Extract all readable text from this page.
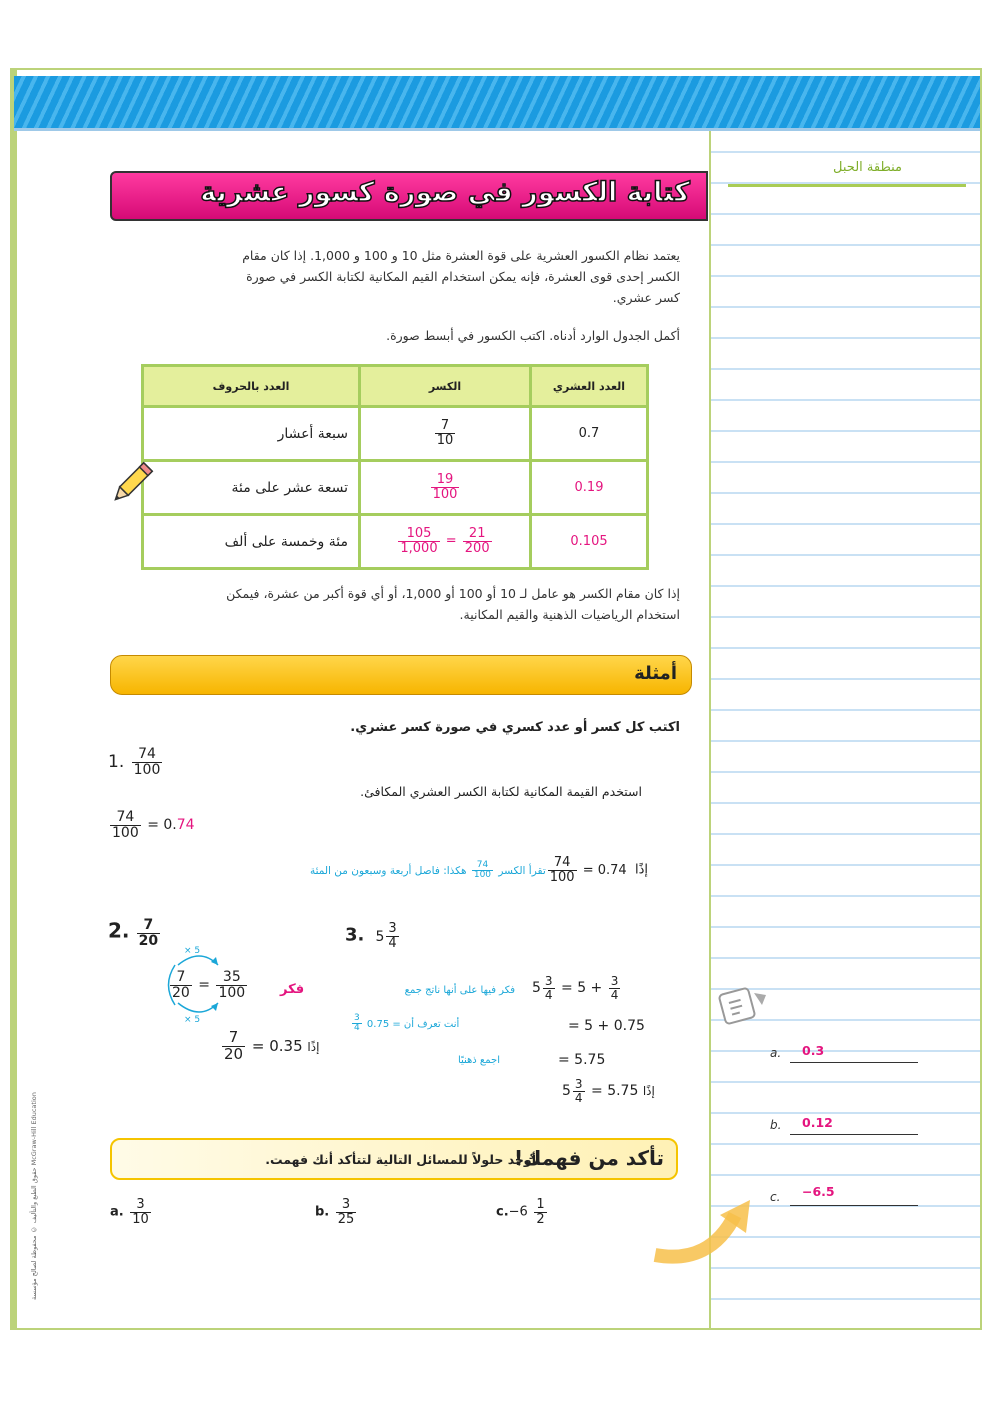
منطقة الحبل
كتابة الكسور في صورة كسور عشرية
يعتمد نظام الكسور العشرية على قوة العشرة مثل 10 و 100 و 1,000. إذا كان مقام
الكسر إحدى قوى العشرة، فإنه يمكن استخدام القيم المكانية لكتابة الكسر في صورة
كسر عشري.
أكمل الجدول الوارد أدناه. اكتب الكسور في أبسط صورة.
العدد العشري	الكسر	العدد بالحروف
0.7	$\frac{7}{10}$	سبعة أعشار
0.19	$\frac{19}{100}$	تسعة عشر على مئة
0.105	$\frac{105}{1,000} = \frac{21}{200}$	مئة وخمسة على ألف
إذا كان مقام الكسر هو عامل لـ 10 أو 100 أو 1,000، أو أي قوة أكبر من عشرة، فيمكن
استخدام الرياضيات الذهنية والقيم المكانية.
أمثلة
اكتب كل كسر أو عدد كسري في صورة كسر عشري.
1. $\frac{74}{100}$
استخدم القيمة المكانية لكتابة الكسر العشري المكافئ.
$\frac{74}{100} = 0.74$
إذًا
$\frac{74}{100} = 0.74$ تقرأ الكسر
$\frac{74}{100}$
هكذا: فاصل أربعة وسبعون من المئة
2. $\frac{7}{20}$
× 5
× 5
$\frac{7}{20} = \frac{35}{100}$	فكر
$\frac{7}{20} = 0.35$ إذًا
3. $5 \frac{3}{4}$
$5 \frac{3}{4} = 5 + \frac{3}{4}$
فكر فيها على أنها ناتج جمع
= 5 + 0.75
$\frac{3}{4}$ أنت تعرف أن = 0.75
= 5.75
اجمع ذهنيًا
$5 \frac{3}{4} = 5.75$ إذًا
تأكد من فهمك!
أوجد حلولاً للمسائل التالية لتتأكد أنك فهمت.
a. $\frac{3}{10}$	b. $\frac{3}{25}$	$c.-6 \frac{1}{2}$
a. 0.3
b. 0.12
c. −6.5
حقوق الطبع والتأليف © محفوظة لصالح مؤسسة McGraw-Hill Education
